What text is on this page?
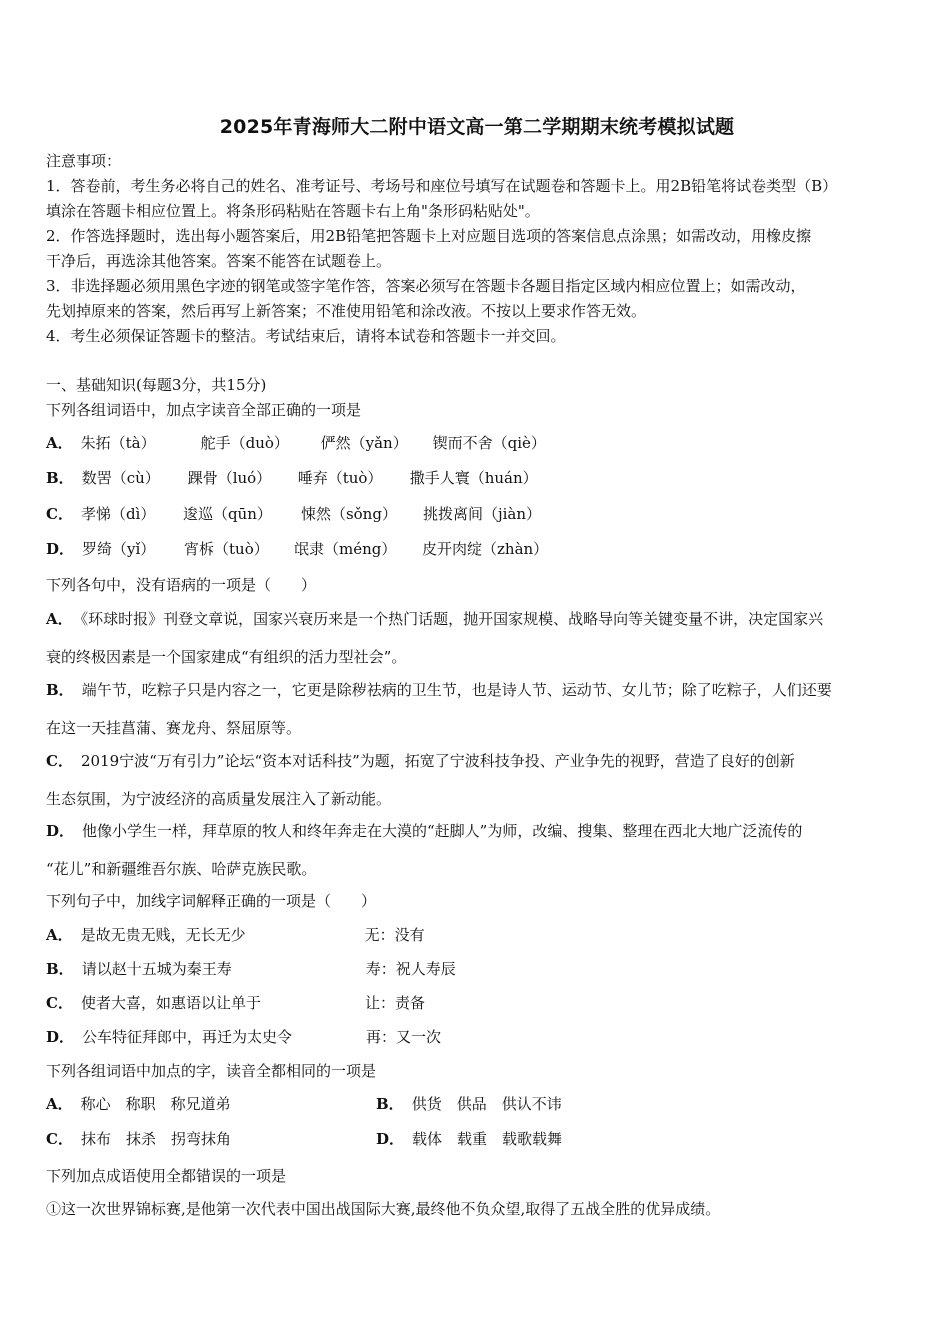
2025年青海师大二附中语文高一第二学期期末统考模拟试题
注意事项：
1．答卷前，考生务必将自己的姓名、准考证号、考场号和座位号填写在试题卷和答题卡上。用2B铅笔将试卷类型（B）
填涂在答题卡相应位置上。将条形码粘贴在答题卡右上角"条形码粘贴处"。
2．作答选择题时，选出每小题答案后，用2B铅笔把答题卡上对应题目选项的答案信息点涂黑；如需改动，用橡皮擦
干净后，再选涂其他答案。答案不能答在试题卷上。
3．非选择题必须用黑色字迹的钢笔或签字笔作答，答案必须写在答题卡各题目指定区域内相应位置上；如需改动，
先划掉原来的答案，然后再写上新答案；不准使用铅笔和涂改液。不按以上要求作答无效。
4．考生必须保证答题卡的整洁。考试结束后，请将本试卷和答题卡一并交回。
一、基础知识(每题3分，共15分)
下列各组词语中，加点字读音全部正确的一项是
A． 朱拓（tà）	舵手（duò） 俨然（yǎn） 锲而不舍（qiè）
B． 数罟（cù） 踝骨（luó） 唾弃（tuò） 撒手人寰（huán）
C． 孝悌（dì） 逡巡（qūn） 悚然（sǒng） 挑拨离间（jiàn）
D． 罗绮（yǐ） 宵柝（tuò） 氓隶（méng） 皮开肉绽（zhàn）
下列各句中，没有语病的一项是（　　）
A． 《环球时报》刊登文章说，国家兴衰历来是一个热门话题，抛开国家规模、战略导向等关键变量不讲，决定国家兴
衰的终极因素是一个国家建成“有组织的活力型社会”。
B． 端午节，吃粽子只是内容之一，它更是除秽祛病的卫生节，也是诗人节、运动节、女儿节；除了吃粽子，人们还要
在这一天挂菖蒲、赛龙舟、祭屈原等。
C． 2019宁波“万有引力”论坛“资本对话科技”为题，拓宽了宁波科技争投、产业争先的视野，营造了良好的创新
生态氛围，为宁波经济的高质量发展注入了新动能。
D． 他像小学生一样，拜草原的牧人和终年奔走在大漠的“赶脚人”为师，改编、搜集、整理在西北大地广泛流传的
“花儿”和新疆维吾尔族、哈萨克族民歌。
下列句子中，加线字词解释正确的一项是（　　）
A． 是故无贵无贱，无长无少	无：没有
B． 请以赵十五城为秦王寿	寿：祝人寿辰
C． 使者大喜，如惠语以让单于	让：责备
D． 公车特征拜郎中，再迁为太史令	再：又一次
下列各组词语中加点的字，读音全都相同的一项是
A． 称心　称职　称兄道弟	B． 供货　供品　供认不讳
C． 抹布　抹杀　拐弯抹角	D． 载体　载重　载歌载舞
下列加点成语使用全都错误的一项是
①这一次世界锦标赛,是他第一次代表中国出战国际大赛,最终他不负众望,取得了五战全胜的优异成绩。
